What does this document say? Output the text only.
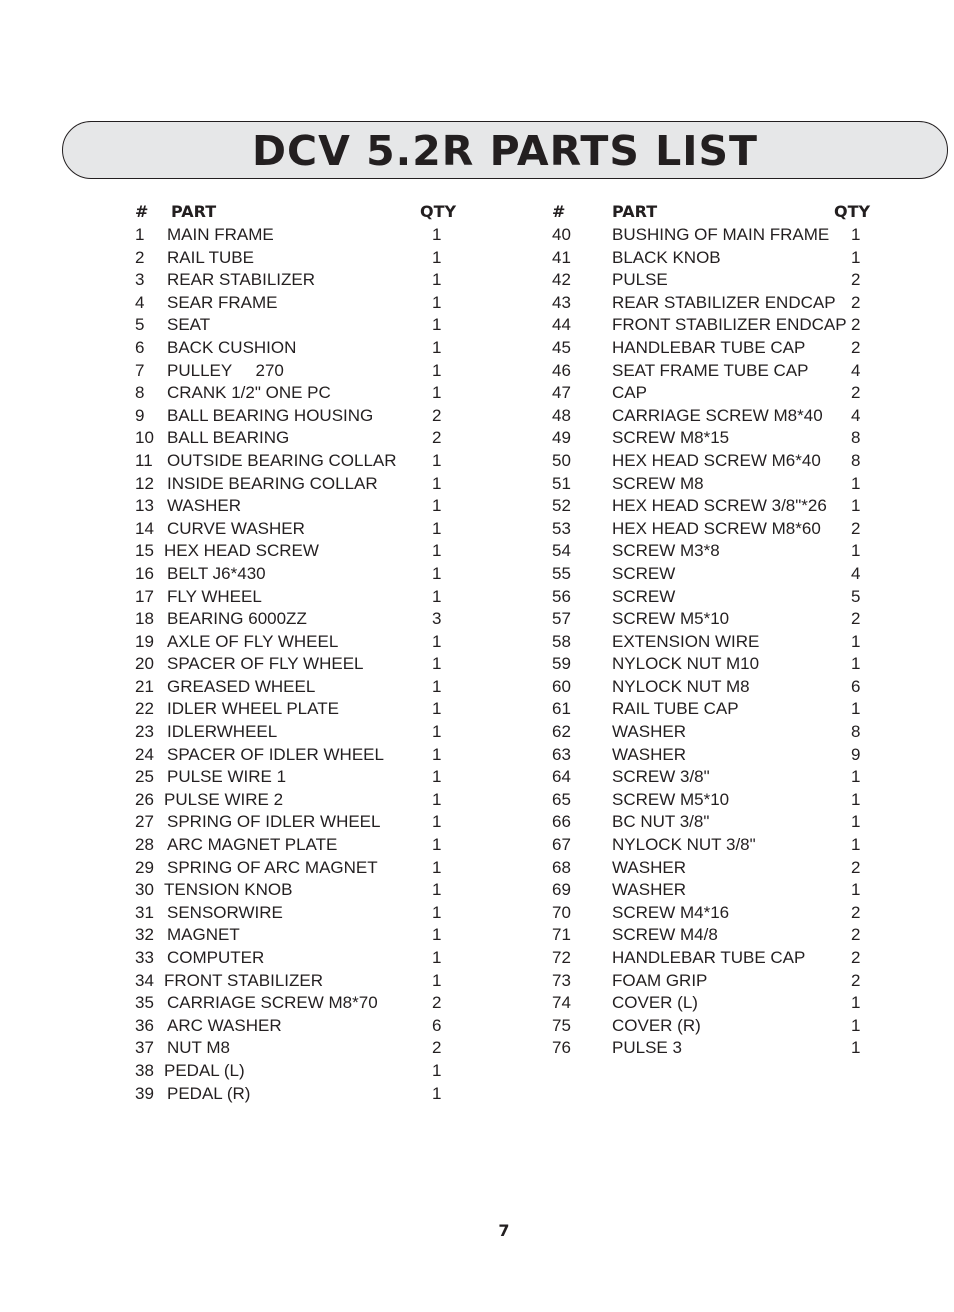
DCV 5.2R PARTS LIST
# PART	QTY	#	PART	QTY
1 MAIN FRAME	1
2 RAIL TUBE	1
3 REAR STABILIZER	1
4 SEAR FRAME	1
5 SEAT	1
6 BACK CUSHION	1
7 PULLEY     270	1
8 CRANK 1/2" ONE PC	1
9 BALL BEARING HOUSING	2
10 BALL BEARING	2
11 OUTSIDE BEARING COLLAR 1
12 INSIDE BEARING COLLAR	1
13 WASHER	1
14 CURVE WASHER	1
15 HEX HEAD SCREW	1
16 BELT J6*430	1
17 FLY WHEEL	1
18 BEARING 6000ZZ	3
19 AXLE OF FLY WHEEL	1
20 SPACER OF FLY WHEEL	1
21 GREASED WHEEL	1
22 IDLER WHEEL PLATE	1
23 IDLERWHEEL	1
24 SPACER OF IDLER WHEEL	1
25 PULSE WIRE 1	1
26 PULSE WIRE 2	1
27 SPRING OF IDLER WHEEL	1
28 ARC MAGNET PLATE	1
29 SPRING OF ARC MAGNET	1
30 TENSION KNOB	1
31 SENSORWIRE	1
32 MAGNET	1
33 COMPUTER	1
34 FRONT STABILIZER	1
35 CARRIAGE SCREW M8*70	2
36 ARC WASHER	6
37 NUT M8	2
38 PEDAL (L)	1
39 PEDAL (R)	1
40 BUSHING OF MAIN FRAME 1
41 BLACK KNOB	1
42 PULSE	2
43 REAR STABILIZER ENDCAP 2
44 FRONT STABILIZER ENDCAP 2
45 HANDLEBAR TUBE CAP	2
46 SEAT FRAME TUBE CAP	4
47 CAP	2
48 CARRIAGE SCREW M8*40 4
49 SCREW M8*15	8
50 HEX HEAD SCREW M6*40 8
51 SCREW M8	1
52 HEX HEAD SCREW 3/8"*26 1
53 HEX HEAD SCREW M8*60 2
54 SCREW M3*8	1
55 SCREW	4
56 SCREW	5
57 SCREW M5*10	2
58 EXTENSION WIRE	1
59 NYLOCK NUT M10	1
60 NYLOCK NUT M8	6
61 RAIL TUBE CAP	1
62 WASHER	8
63 WASHER	9
64 SCREW 3/8"	1
65 SCREW M5*10	1
66 BC NUT 3/8"	1
67 NYLOCK NUT 3/8"	1
68 WASHER	2
69 WASHER	1
70 SCREW M4*16	2
71 SCREW M4/8	2
72 HANDLEBAR TUBE CAP	2
73 FOAM GRIP	2
74 COVER (L)	1
75 COVER (R)	1
76 PULSE 3	1
7
